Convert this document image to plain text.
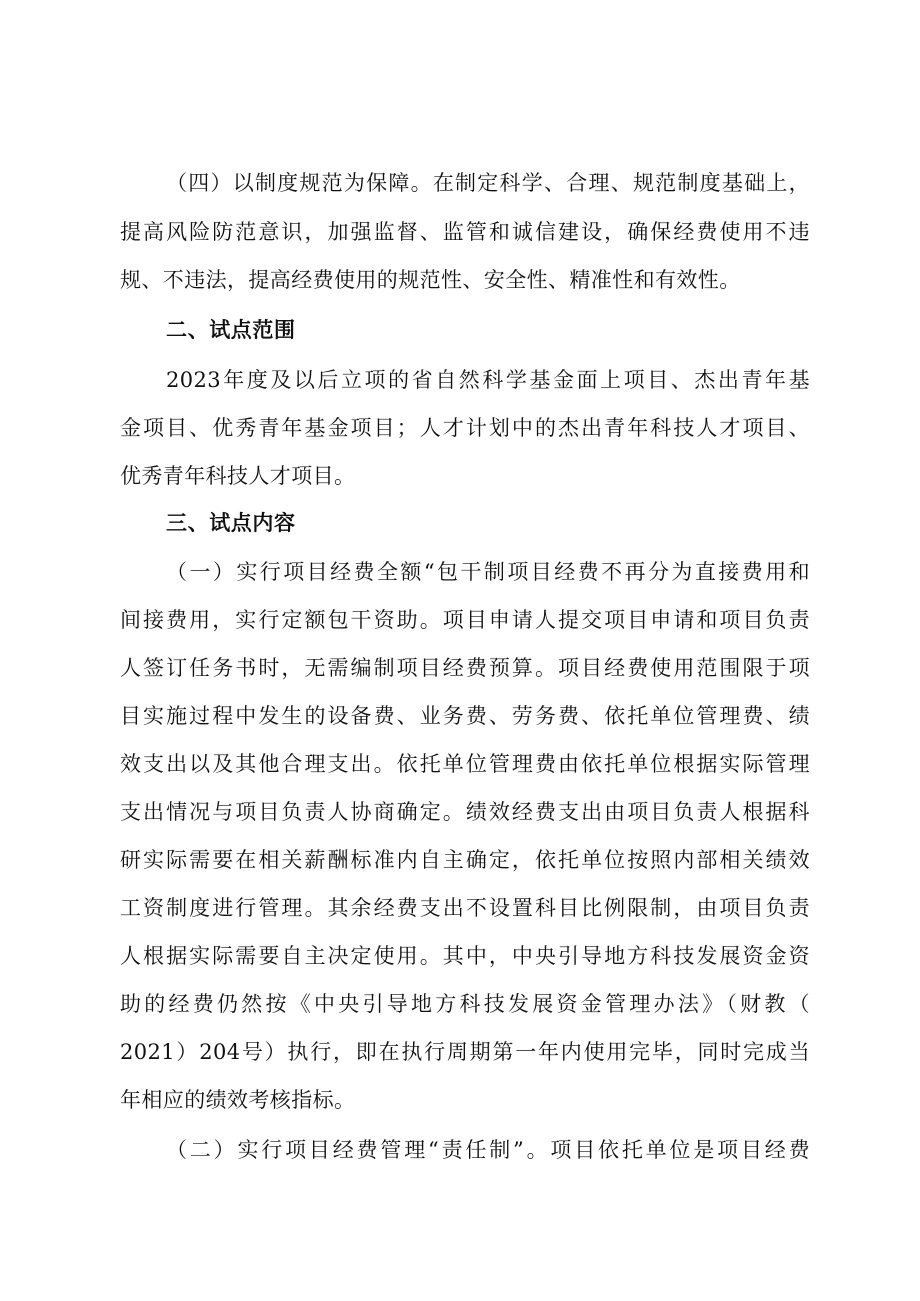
（四）以制度规范为保障。在制定科学、合理、规范制度基础上，
提高风险防范意识，加强监督、监管和诚信建设，确保经费使用不违
规、不违法，提高经费使用的规范性、安全性、精准性和有效性。
二、试点范围
2023年度及以后立项的省自然科学基金面上项目、杰出青年基
金项目、优秀青年基金项目；人才计划中的杰出青年科技人才项目、
优秀青年科技人才项目。
三、试点内容
（一）实行项目经费全额“包干制项目经费不再分为直接费用和
间接费用，实行定额包干资助。项目申请人提交项目申请和项目负责
人签订任务书时，无需编制项目经费预算。项目经费使用范围限于项
目实施过程中发生的设备费、业务费、劳务费、依托单位管理费、绩
效支出以及其他合理支出。依托单位管理费由依托单位根据实际管理
支出情况与项目负责人协商确定。绩效经费支出由项目负责人根据科
研实际需要在相关薪酬标准内自主确定，依托单位按照内部相关绩效
工资制度进行管理。其余经费支出不设置科目比例限制，由项目负责
人根据实际需要自主决定使用。其中，中央引导地方科技发展资金资
助的经费仍然按《中央引导地方科技发展资金管理办法》（财教（
2021）204号）执行，即在执行周期第一年内使用完毕，同时完成当
年相应的绩效考核指标。
（二）实行项目经费管理“责任制”。项目依托单位是项目经费
